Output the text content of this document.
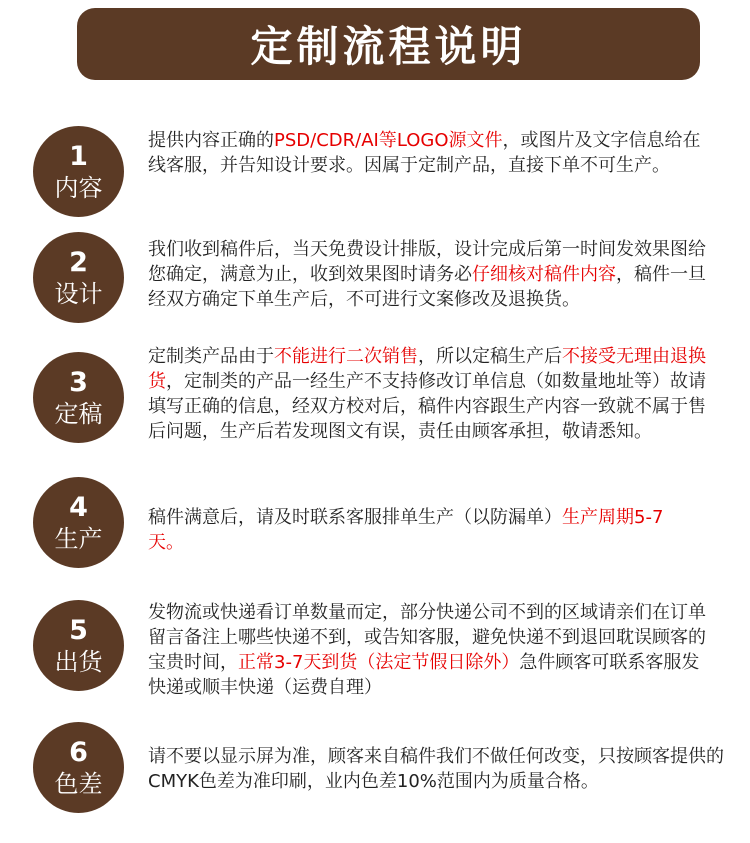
定制流程说明
1
内容

提供内容正确的PSD/CDR/AI等LOGO源文件，或图片及文字信息给在线客服，并告知设计要求。因属于定制产品，直接下单不可生产。

2
设计

我们收到稿件后，当天免费设计排版，设计完成后第一时间发效果图给您确定，满意为止，收到效果图时请务必仔细核对稿件内容，稿件一旦经双方确定下单生产后，不可进行文案修改及退换货。

3
定稿

定制类产品由于不能进行二次销售，所以定稿生产后不接受无理由退换货，定制类的产品一经生产不支持修改订单信息（如数量地址等）故请填写正确的信息，经双方校对后，稿件内容跟生产内容一致就不属于售后问题，生产后若发现图文有误，责任由顾客承担，敬请悉知。

4
生产

稿件满意后，请及时联系客服排单生产（以防漏单）生产周期5-7天。

5
出货

发物流或快递看订单数量而定，部分快递公司不到的区域请亲们在订单留言备注上哪些快递不到，或告知客服，避免快递不到退回耽误顾客的宝贵时间，正常3-7天到货（法定节假日除外）急件顾客可联系客服发快递或顺丰快递（运费自理）

6
色差

请不要以显示屏为准，顾客来自稿件我们不做任何改变，只按顾客提供的CMYK色差为准印刷，业内色差10%范围内为质量合格。
